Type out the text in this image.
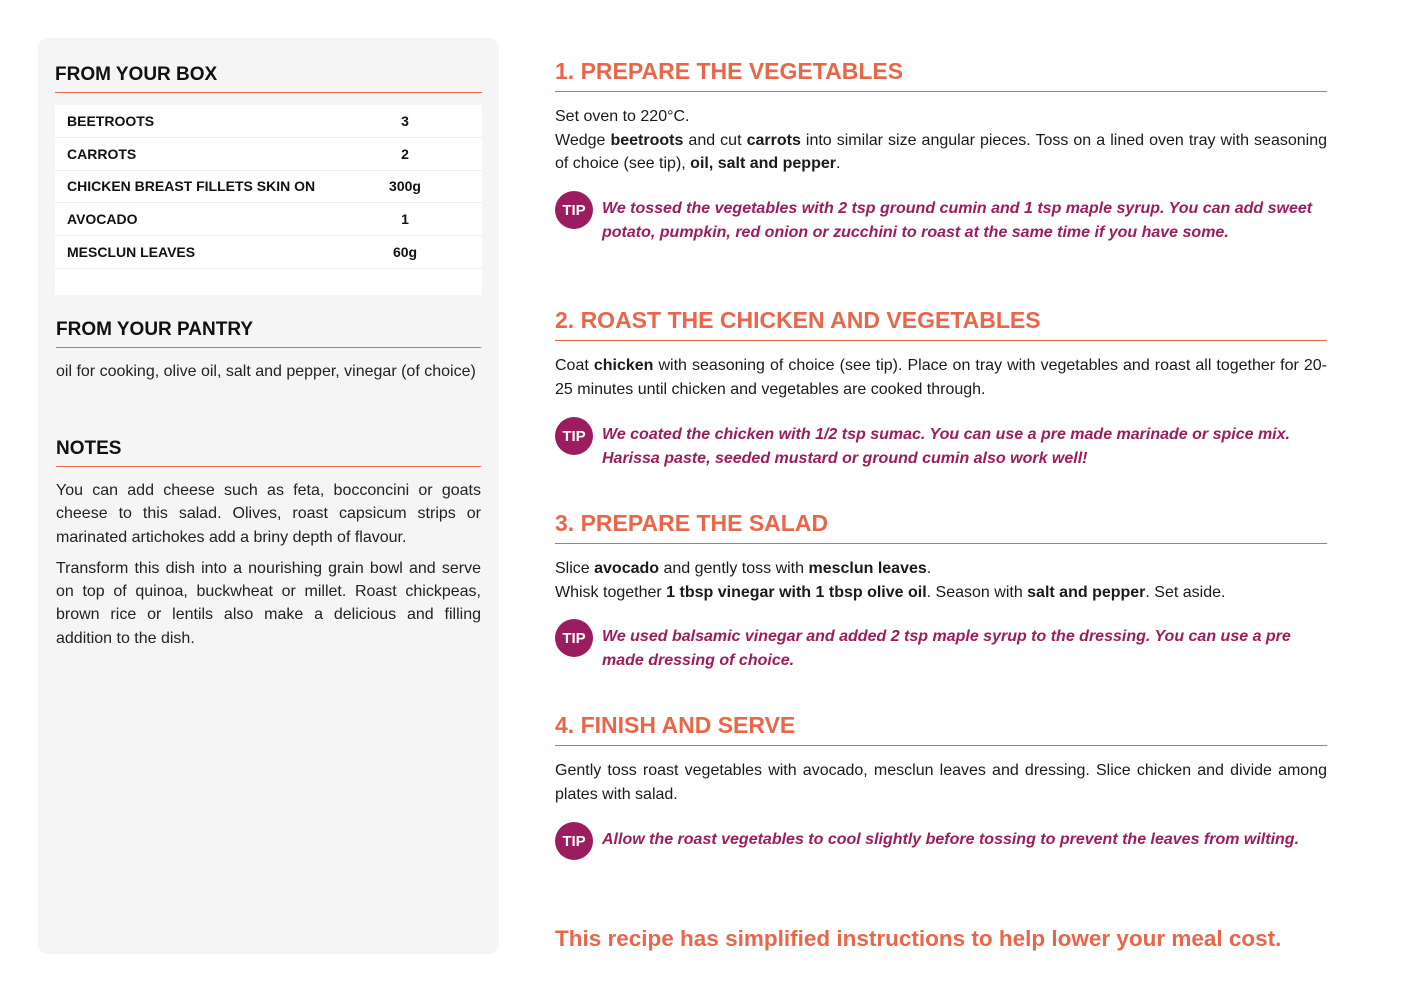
FROM YOUR BOX
BEETROOTS	3
CARROTS	2
CHICKEN BREAST FILLETS SKIN ON	300g
AVOCADO	1
MESCLUN LEAVES	60g
FROM YOUR PANTRY

oil for cooking, olive oil, salt and pepper, vinegar (of choice)

NOTES

You can add cheese such as feta, bocconcini or goats cheese to this salad. Olives, roast capsicum strips or marinated artichokes add a briny depth of flavour.

Transform this dish into a nourishing grain bowl and serve on top of quinoa, buckwheat or millet. Roast chickpeas, brown rice or lentils also make a delicious and filling addition to the dish.

1. PREPARE THE VEGETABLES
Set oven to 220°C.
Wedge beetroots and cut carrots into similar size angular pieces. Toss on a lined oven tray with seasoning of choice (see tip), oil, salt and pepper.
TIP	We tossed the vegetables with 2 tsp ground cumin and 1 tsp maple syrup. You can add sweet potato, pumpkin, red onion or zucchini to roast at the same time if you have some.
2. ROAST THE CHICKEN AND VEGETABLES
Coat chicken with seasoning of choice (see tip). Place on tray with vegetables and roast all together for 20-25 minutes until chicken and vegetables are cooked through.
TIP	We coated the chicken with 1/2 tsp sumac. You can use a pre made marinade or spice mix. Harissa paste, seeded mustard or ground cumin also work well!
3. PREPARE THE SALAD
Slice avocado and gently toss with mesclun leaves.
Whisk together 1 tbsp vinegar with 1 tbsp olive oil. Season with salt and pepper. Set aside.
TIP	We used balsamic vinegar and added 2 tsp maple syrup to the dressing. You can use a pre made dressing of choice.
4. FINISH AND SERVE
Gently toss roast vegetables with avocado, mesclun leaves and dressing. Slice chicken and divide among plates with salad.
TIP	Allow the roast vegetables to cool slightly before tossing to prevent the leaves from wilting.

This recipe has simplified instructions to help lower your meal cost.
